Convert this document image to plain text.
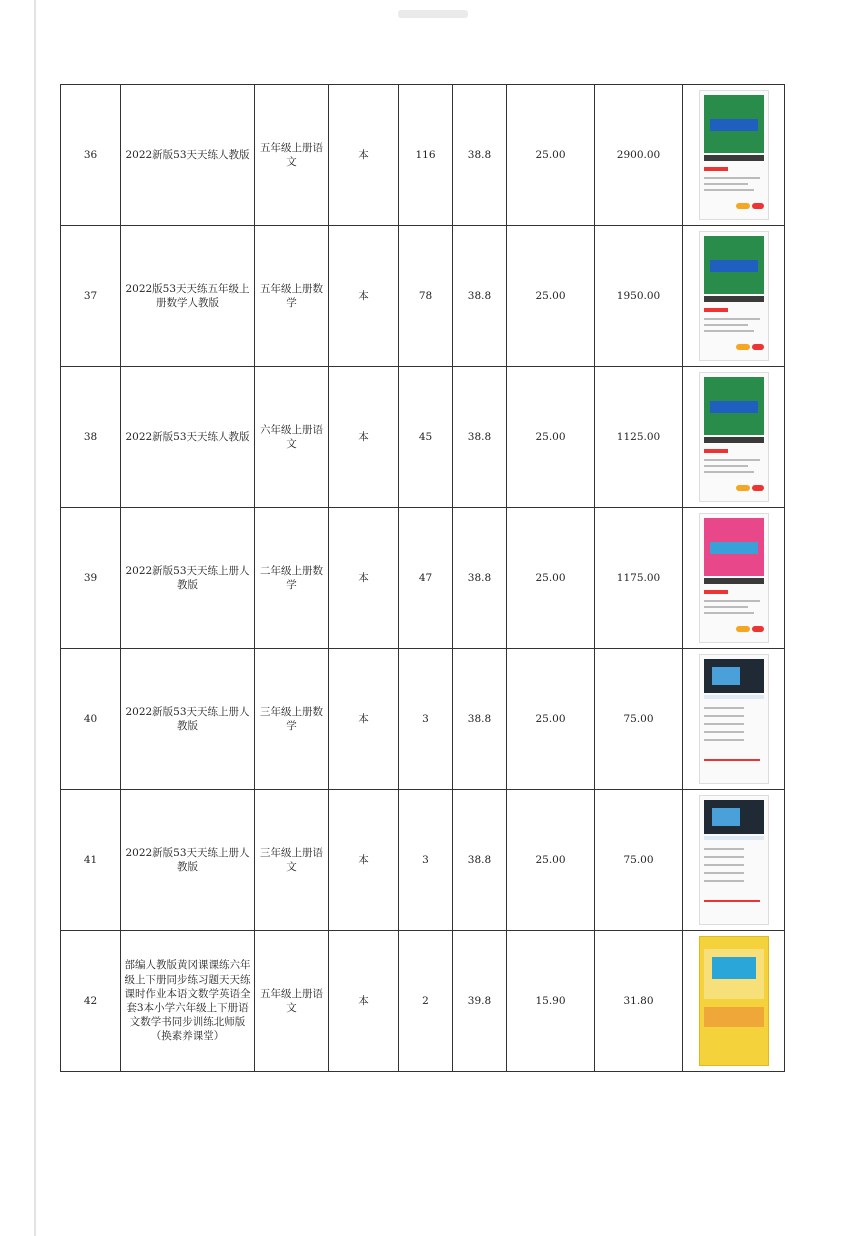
36	2022新版53天天练人教版	五年级上册语文	本	116	38.8	25.00	2900.00	

37	2022版53天天练五年级上册数学人教版	五年级上册数学	本	78	38.8	25.00	1950.00	

38	2022新版53天天练人教版	六年级上册语文	本	45	38.8	25.00	1125.00	

39	2022新版53天天练上册人教版	二年级上册数学	本	47	38.8	25.00	1175.00	

40	2022新版53天天练上册人教版	三年级上册数学	本	3	38.8	25.00	75.00	

41	2022新版53天天练上册人教版	三年级上册语文	本	3	38.8	25.00	75.00	

42	部编人教版黄冈课课练六年级上下册同步练习题天天练课时作业本语文数学英语全套3本小学六年级上下册语文数学书同步训练北师版（换素养课堂）	五年级上册语文	本	2	39.8	15.90	31.80	
